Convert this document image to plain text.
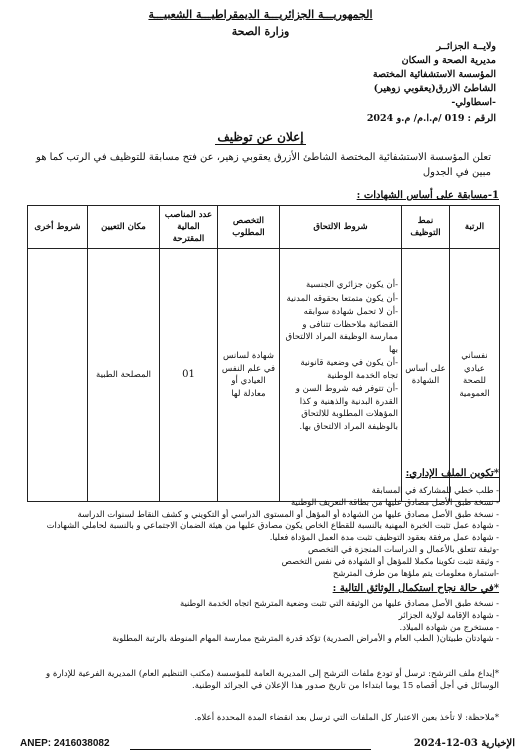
الجمهوريـــة الجزائريـــة الديمقراطيـــة الشعبيـــة
وزارة الصحة
ولايــة الجزائــر
مديرية الصحة و السكان
المؤسسة الاستشفائية المختصة
الشاطئ الازرق(يعقوبي زوهير)
-اسطاولي-
الرقم : 019 /م.ا.م/ م.و 2024
إعلان عن توظيف
تعلن المؤسسة الاستشفائية المختصة الشاطئ الأزرق يعقوبي زهير، عن فتح مسابقة للتوظيف في الرتب كما هو مبين في الجدول
1-مسابقة على أساس الشهادات :
الرتبة	نمط التوظيف	شروط الالتحاق	التخصص المطلوب	عدد المناصب المالية المقترحة	مكان التعيين	شروط أخرى
نفساني عيادي للصحة العمومية	على أساس الشهادة	-أن يكون جزائري الجنسية
-أن يكون متمتعا بحقوقه المدنية
-أن لا تحمل شهادة سوابقه القضائية ملاحظات تتنافى و ممارسة الوظيفة المراد الالتحاق بها
-أن يكون في وضعية قانونية تجاه الخدمة الوطنية
-أن تتوفر فيه شروط السن و القدرة البدنية والذهنية و كذا المؤهلات المطلوبة للالتحاق بالوظيفة المراد الالتحاق بها.	شهادة لسانس في علم النفس العيادي أو معادلة لها	01	المصلحة الطبية	
*تكوين الملف الإداري:
- طلب خطي للمشاركة في المسابقة
- نسخة طبق الأصل مصادق عليها من بطاقة التعريف الوطنية
- نسخة طبق الأصل مصادق عليها من الشهادة أو المؤهل أو المستوى الدراسي أو التكويني و كشف النقاط لسنوات الدراسة
- شهادة عمل تثبت الخبرة المهنية بالنسبة للقطاع الخاص يكون مصادق عليها من هيئة الضمان الاجتماعي و بالنسبة لحاملي الشهادات
- شهادة عمل مرفقة بعقود التوظيف تثبت مدة العمل المؤداة فعليا.
-وثيقة تتعلق بالأعمال و الدراسات المنجزة في التخصص
- وثيقة تثبت تكوينا مكملا للمؤهل أو الشهادة في نفس التخصص
-استمارة معلومات يتم ملؤها من طرف المترشح
*في حالة نجاح استكمال الوثائق التالية :
- نسخة طبق الأصل مصادق عليها من الوثيقة التي تثبت وضعية المترشح اتجاه الخدمة الوطنية
- شهادة الإقامة لولاية الجزائر
- مستخرج من شهادة الميلاد.
- شهادتان طبيتان( الطب العام و الأمراض الصدرية) تؤكد قدرة المترشح ممارسة المهام المنوطة بالرتبة المطلوبة
*إيداع ملف الترشح: ترسل أو تودع ملفات الترشح إلى المديرية العامة للمؤسسة (مكتب التنظيم العام) المديرية الفرعية للإدارة و الوسائل في أجل أقصاه 15 يوما ابتداءا من تاريخ صدور هذا الإعلان في الجرائد الوطنية.
*ملاحظة: لا تأخذ بعين الاعتبار كل الملفات التي ترسل بعد انقضاء المدة المحددة أعلاه.
ANEP: 2416038082	الإخبارية 03-12-2024
